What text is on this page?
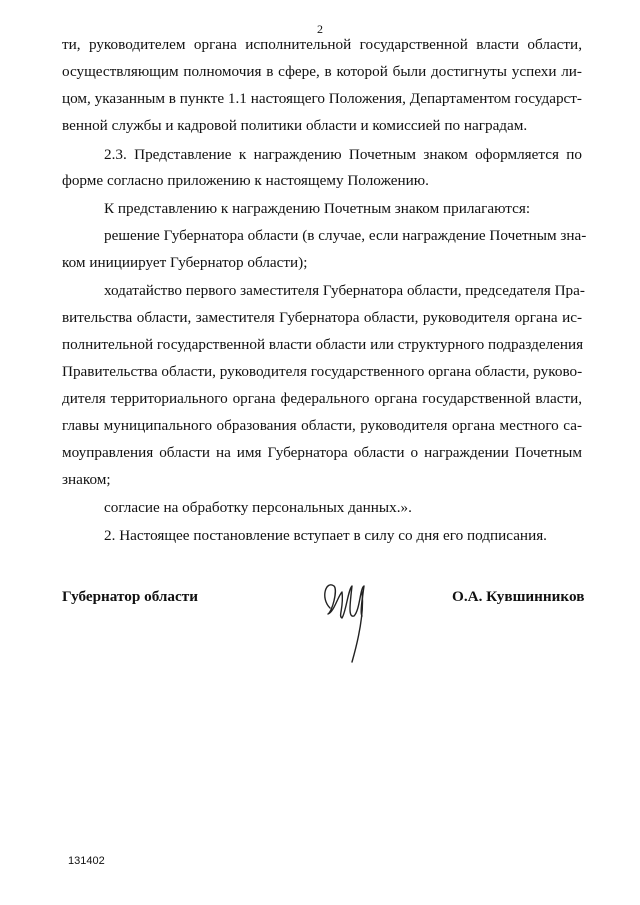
2
ти, руководителем органа исполнительной государственной власти области,
осуществляющим полномочия в сфере, в которой были достигнуты успехи ли-
цом, указанным в пункте 1.1 настоящего Положения, Департаментом государст-
венной службы и кадровой политики области и комиссией по наградам.
2.3. Представление к награждению Почетным знаком оформляется по
форме согласно приложению к настоящему Положению.
К представлению к награждению Почетным знаком прилагаются:
решение Губернатора области (в случае, если награждение Почетным зна-
ком инициирует Губернатор области);
ходатайство первого заместителя Губернатора области, председателя Пра-
вительства области, заместителя Губернатора области, руководителя органа ис-
полнительной государственной власти области или структурного подразделения
Правительства области, руководителя государственного органа области, руково-
дителя территориального органа федерального органа государственной власти,
главы муниципального образования области, руководителя органа местного са-
моуправления области на имя Губернатора области о награждении Почетным
знаком;
согласие на обработку персональных данных.».
2. Настоящее постановление вступает в силу со дня его подписания.
Губернатор области	О.А. Кувшинников
131402
